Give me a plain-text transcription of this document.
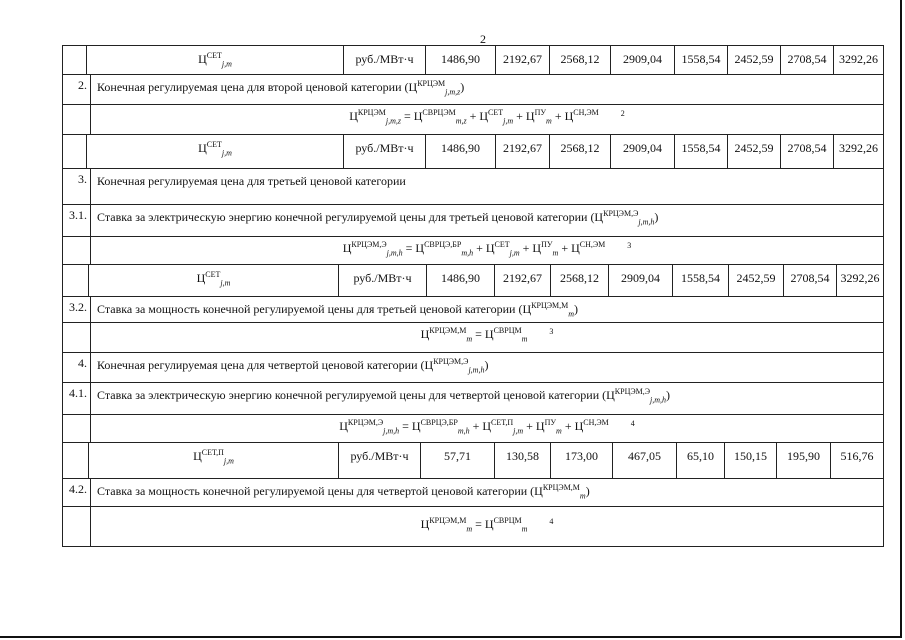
2
$Ц^{СЕТ}_{j,m}$	руб./МВт·ч	1486,90	2192,67	2568,12	2909,04	1558,54	2452,59	2708,54	3292,26
2. Конечная регулируемая цена для второй ценовой категории $(Ц^{КРЦЭМ}_{j,m,z})$
$Ц^{КРЦЭМ}_{j,m,z} = Ц^{СВРЦЭМ}_{m,z} + Ц^{СЕТ}_{j,m} + Ц^{ПУ}_m + Ц^{СН,ЭМ}$	$^2$
$Ц^{СЕТ}_{j,m}$	руб./МВт·ч	1486,90	2192,67	2568,12	2909,04	1558,54	2452,59	2708,54	3292,26
3. Конечная регулируемая цена для третьей ценовой категории
3.1. Ставка за электрическую энергию конечной регулируемой цены для третьей ценовой категории $(Ц^{КРЦЭМ,Э}_{j,m,h})$
$Ц^{КРЦЭМ,Э}_{j,m,h} = Ц^{СВРЦЭ,БР}_{m,h} + Ц^{СЕТ}_{j,m} + Ц^{ПУ}_m + Ц^{СН,ЭМ}$	$^3$
$Ц^{СЕТ}_{j,m}$	руб./МВт·ч	1486,90	2192,67	2568,12	2909,04	1558,54	2452,59	2708,54 3292,26
3.2. Ставка за мощность конечной регулируемой цены для третьей ценовой категории $(Ц^{КРЦЭМ,М}_m)$
$Ц^{КРЦЭМ,М}_m = Ц^{СВРЦМ}_m^3$
4. Конечная регулируемая цена для четвертой ценовой категории $(Ц^{КРЦЭМ,Э}_{j,m,h})$
4.1. Ставка за электрическую энергию конечной регулируемой цены для четвертой ценовой категории $(Ц^{КРЦЭМ,Э}_{j,m,h})$
$Ц^{КРЦЭМ,Э}_{j,m,h} = Ц^{СВРЦЭ,БР}_{m,h} + Ц^{СЕТ,П}_{j,m} + Ц^{ПУ}_m + Ц^{СН,ЭМ}$	$^4$
$Ц^{СЕТ,П}_{j,m}$	руб./МВт·ч	57,71	130,58	173,00	467,05	65,10	150,15	195,90	516,76
4.2. Ставка за мощность конечной регулируемой цены для четвертой ценовой категории $(Ц^{КРЦЭМ,М}_m)$
$Ц^{КРЦЭМ,М}_m = Ц^{СВРЦМ}_m^4$
